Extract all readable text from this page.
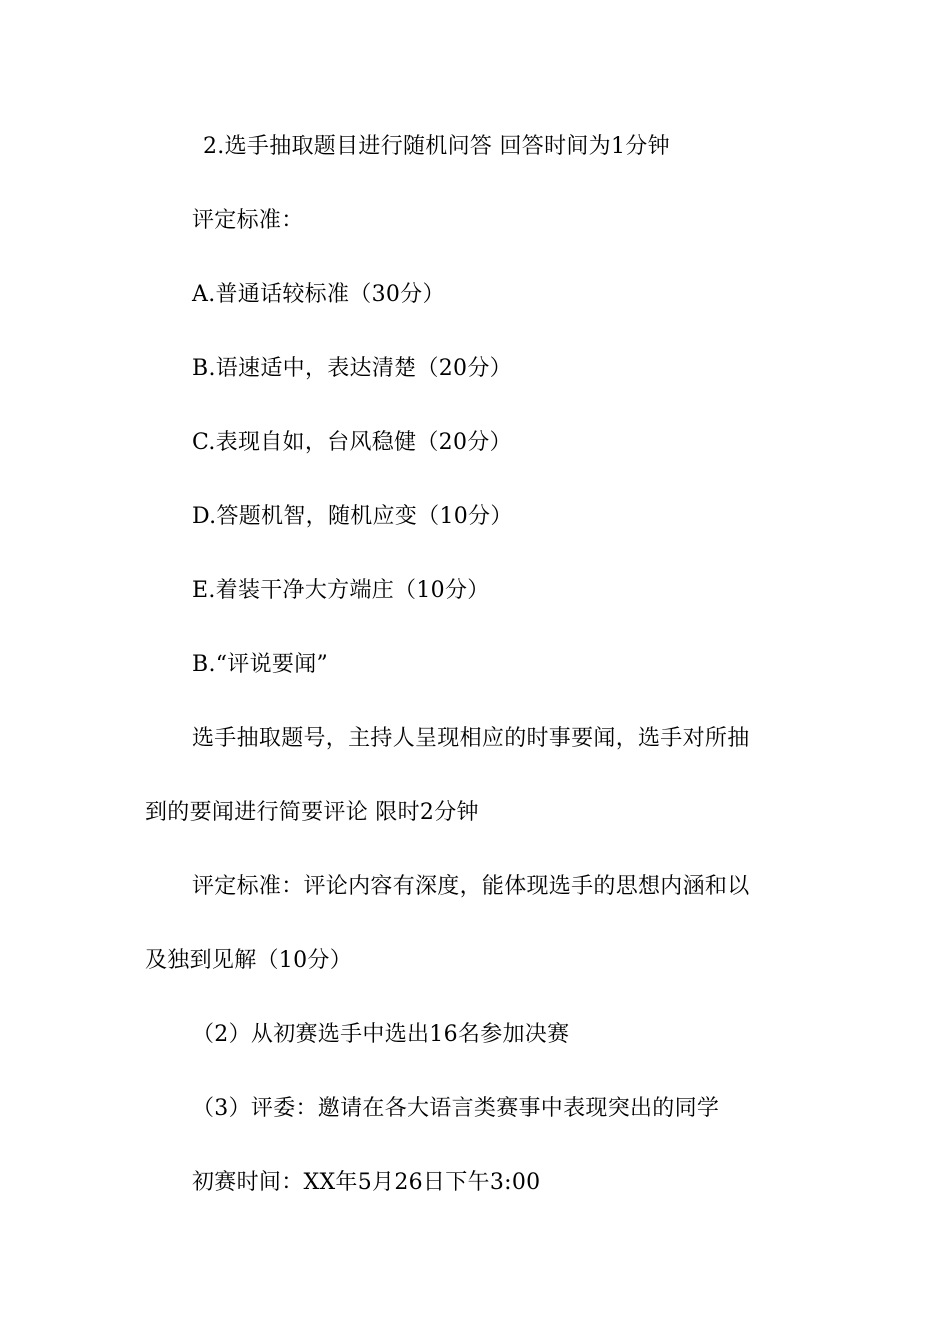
2.选手抽取题目进行随机问答 回答时间为1分钟

评定标准：

A.普通话较标准（30分）

B.语速适中，表达清楚（20分）

C.表现自如，台风稳健（20分）

D.答题机智，随机应变（10分）

E.着装干净大方端庄（10分）

B.“评说要闻”

选手抽取题号，主持人呈现相应的时事要闻，选手对所抽

到的要闻进行简要评论 限时2分钟

评定标准：评论内容有深度，能体现选手的思想内涵和以

及独到见解（10分）

（2）从初赛选手中选出16名参加决赛

（3）评委：邀请在各大语言类赛事中表现突出的同学

初赛时间：XX年5月26日下午3:00
